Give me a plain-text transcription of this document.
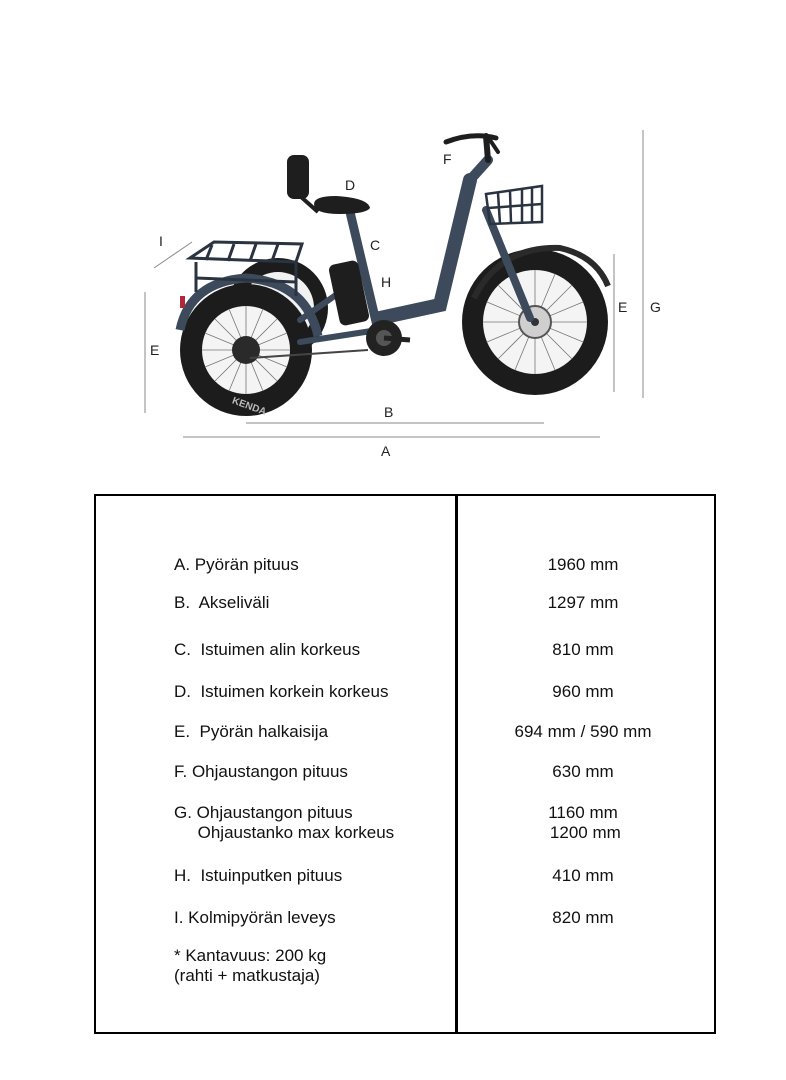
KENDA
A
B
C
D
E
E
F
G
H
I
A. Pyörän pituus	1960 mm
B.  Akseliväli	1297 mm
C.  Istuimen alin korkeus	810 mm
D.  Istuimen korkein korkeus	960 mm
E.  Pyörän halkaisija	694 mm / 590 mm
F. Ohjaustangon pituus	630 mm
G. Ohjaustangon pituus	1160 mm
Ohjaustanko max korkeus	1200 mm
H.  Istuinputken pituus	410 mm
I. Kolmipyörän leveys	820 mm
* Kantavuus: 200 kg
(rahti + matkustaja)
